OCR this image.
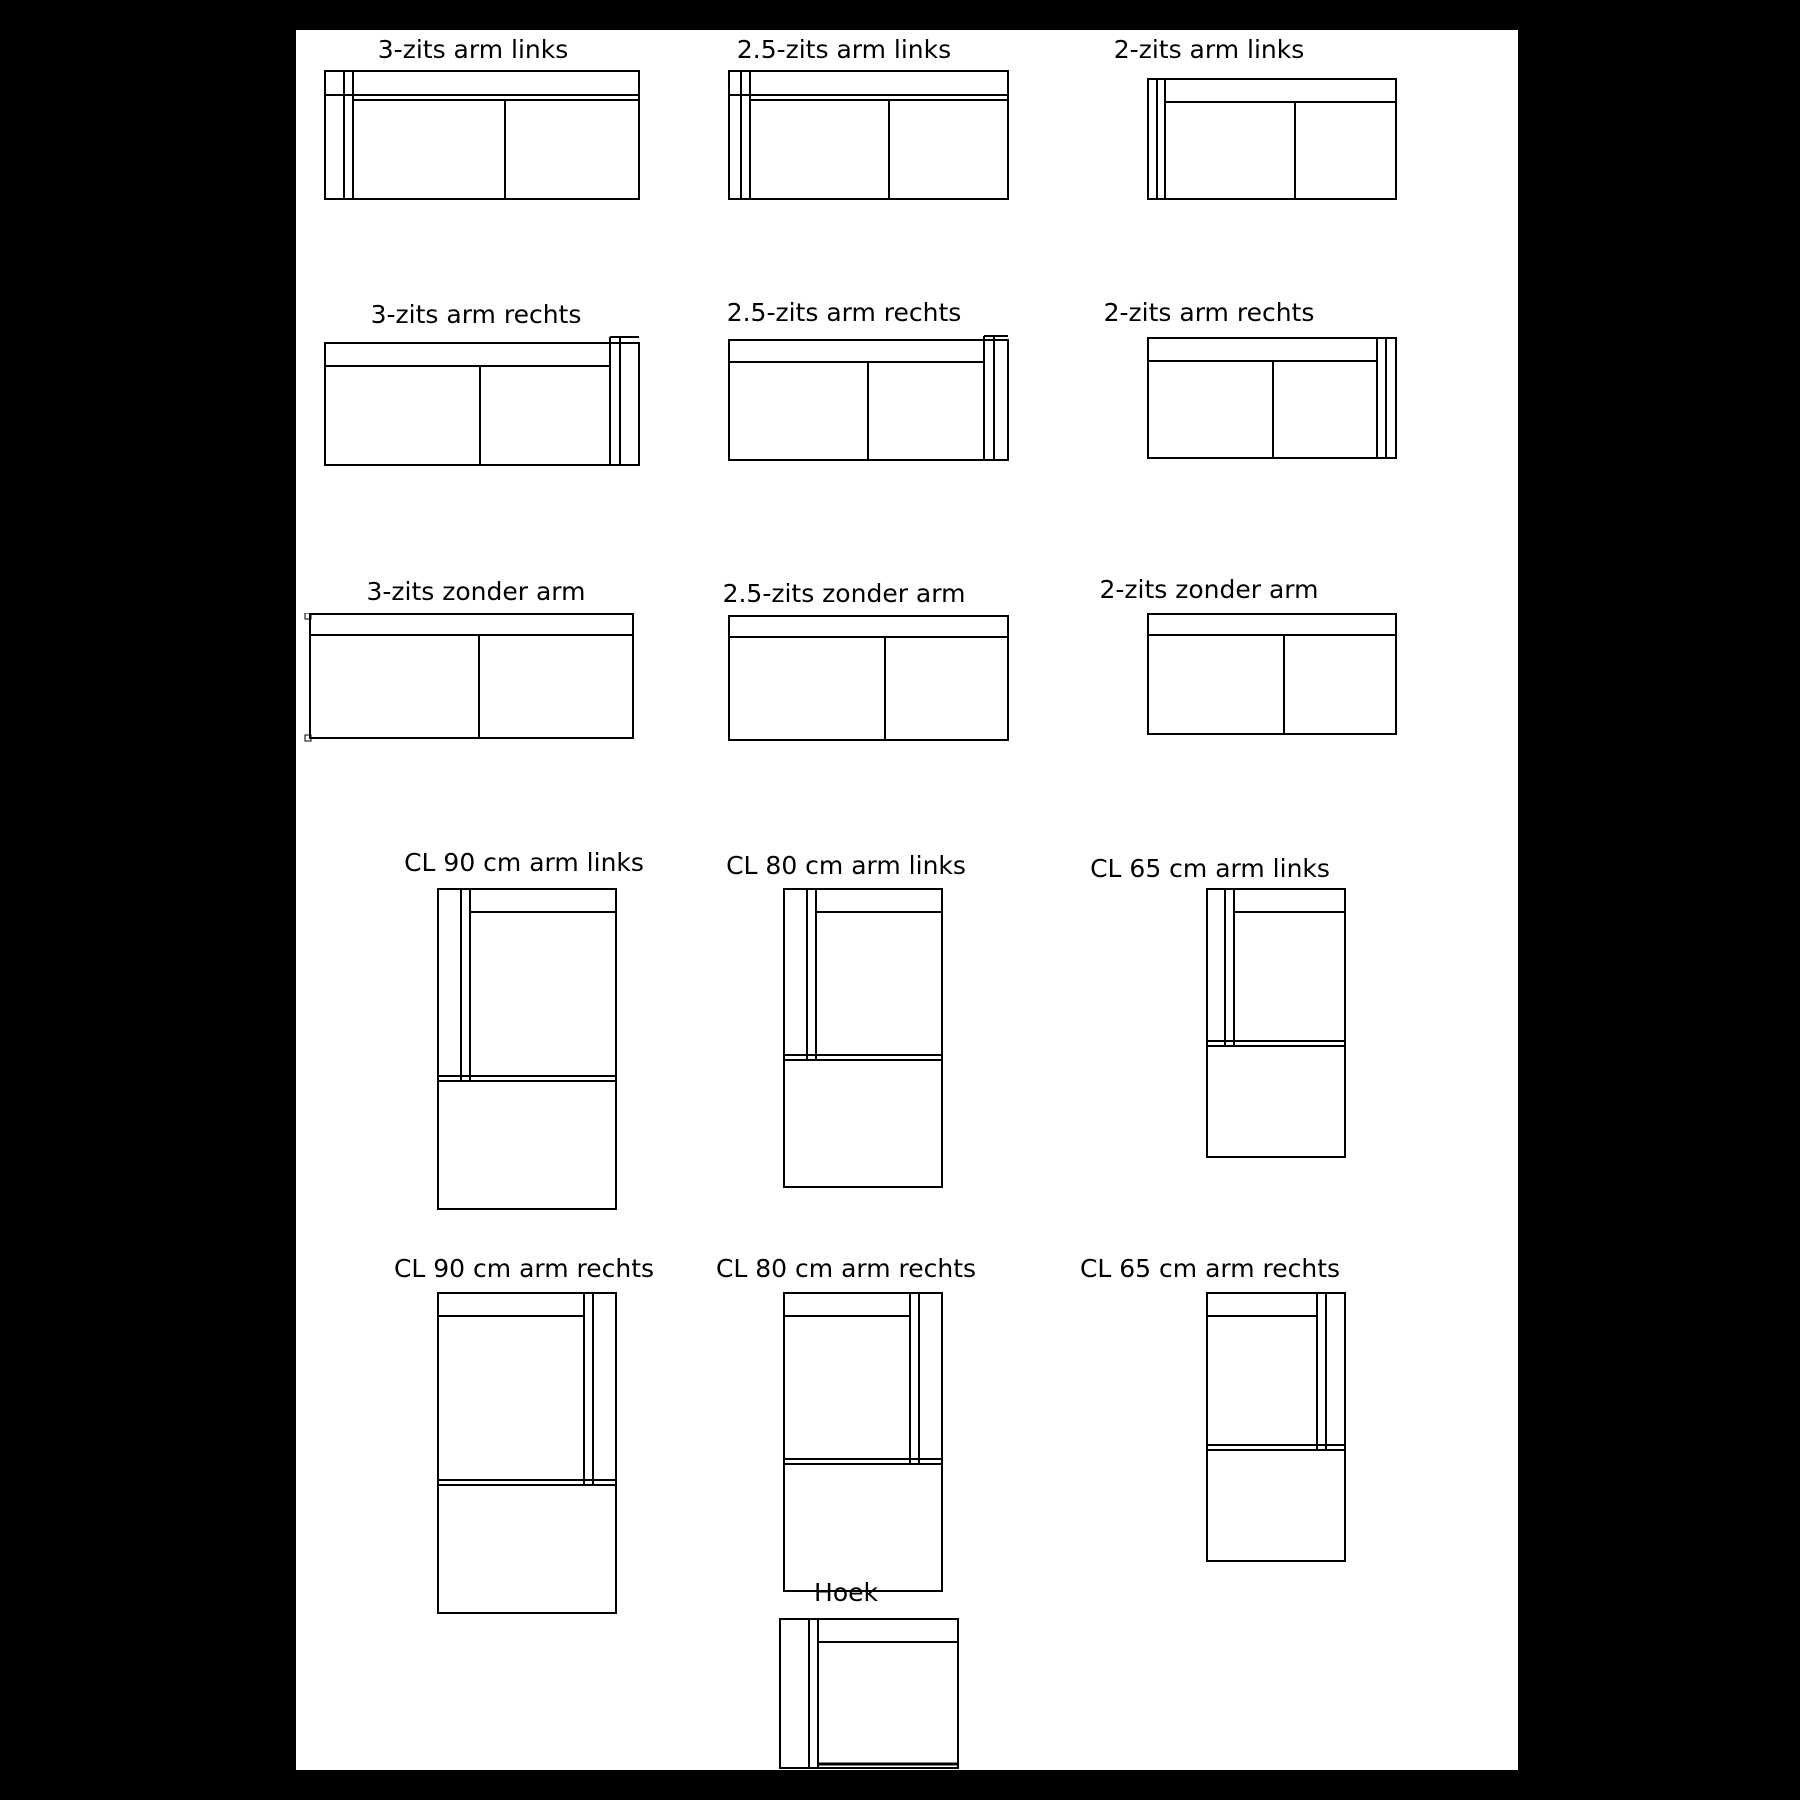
3-zits arm links	2.5-zits arm links	2-zits arm links
3-zits arm rechts	2.5-zits arm rechts	2-zits arm rechts
3-zits zonder arm	2.5-zits zonder arm	2-zits zonder arm
CL 90 cm arm links	CL 80 cm arm links	CL 65 cm arm links
CL 90 cm arm rechts CL 80 cm arm rechts	CL 65 cm arm rechts
Hoek
